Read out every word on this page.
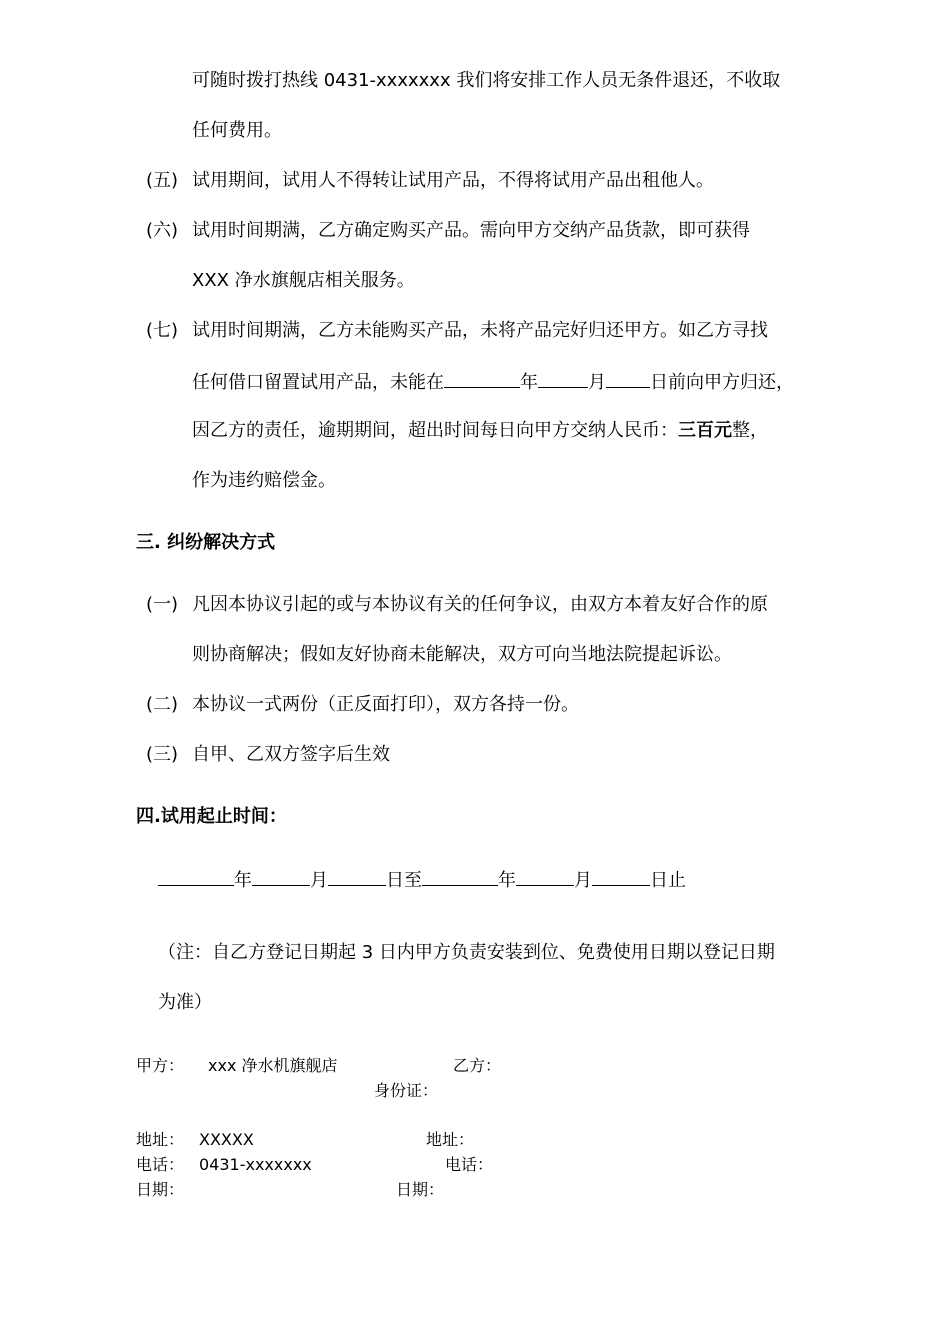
可随时拨打热线 0431-xxxxxxx 我们将安排工作人员无条件退还，不收取
任何费用。
(五) 试用期间，试用人不得转让试用产品，不得将试用产品出租他人。
(六) 试用时间期满，乙方确定购买产品。需向甲方交纳产品货款，即可获得
XXX 净水旗舰店相关服务。
(七) 试用时间期满，乙方未能购买产品，未将产品完好归还甲方。如乙方寻找
任何借口留置试用产品，未能在	年	月 日前向甲方归还，
因乙方的责任，逾期期间，超出时间每日向甲方交纳人民币：三百元整，
作为违约赔偿金。
三. 纠纷解决方式
(一) 凡因本协议引起的或与本协议有关的任何争议，由双方本着友好合作的原
则协商解决；假如友好协商未能解决，双方可向当地法院提起诉讼。
(二) 本协议一式两份（正反面打印），双方各持一份。
(三) 自甲、乙双方签字后生效
四.试用起止时间：
年	月	日至	年	月	日止
（注：自乙方登记日期起 3 日内甲方负责安装到位、免费使用日期以登记日期
为准）
甲方： xxx 净水机旗舰店	乙方：
身份证：
地址： XXXXX	地址：
电话： 0431-xxxxxxx	电话：
日期：	日期：
